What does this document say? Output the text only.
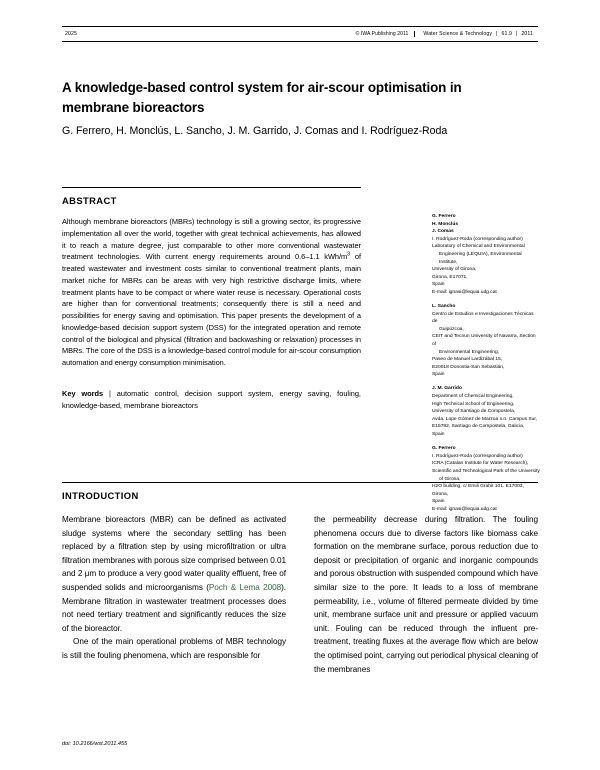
2025	© IWA Publishing 2011	Water Science & Technology | 61.9 | 2011
A knowledge-based control system for air-scour optimisation in membrane bioreactors
G. Ferrero, H. Monclús, L. Sancho, J. M. Garrido, J. Comas and I. Rodríguez-Roda
ABSTRACT
Although membrane bioreactors (MBRs) technology is still a growing sector, its progressive implementation all over the world, together with great technical achievements, has allowed it to reach a mature degree, just comparable to other more conventional wastewater treatment technologies. With current energy requirements around 0.6–1.1 kWh/$m^3$ of treated wastewater and investment costs similar to conventional treatment plants, main market niche for MBRs can be areas with very high restrictive discharge limits, where treatment plants have to be compact or where water reuse is necessary. Operational costs are higher than for conventional treatments; consequently there is still a need and possibilities for energy saving and optimisation. This paper presents the development of a knowledge-based decision support system (DSS) for the integrated operation and remote control of the biological and physical (filtration and backwashing or relaxation) processes in MBRs. The core of the DSS is a knowledge-based control module for air-scour consumption automation and energy consumption minimisation.
Key words | automatic control, decision support system, energy saving, fouling, knowledge-based, membrane bioreactors
G. Ferrero
H. Monclús
J. Comas
I. Rodríguez-Roda (corresponding author)
Laboratory of Chemical and Environmental
Engineering (LEQUIA), Environmental Institute,
University of Girona,
Girona, E17071,
Spain
E-mail: ignasi@lequia.udg.cat
L. Sancho
Centro de Estudios e Investigaciones Técnicas de
Guipúzcoa,
CEIT and Tecnun University of Navarra, Section of
Environmental Engineering,
Paseo de Manuel Lardizábal 15,
E20018 Donostia-San Sebastián,
Spain
J. M. Garrido
Department of Chemical Engineering,
High Technical School of Engineering,
University of Santiago de Compostela,
Avda. Lope Gómez de Marzoa s.n. Campus Sur,
E15782, Santiago de Compostela, Galicia,
Spain
G. Ferrero
I. Rodríguez-Roda (corresponding author)
ICRA (Catalan Institute for Water Research),
Scientific and Technological Park of the University
of Girona,
H2O building, c/ Emili Grahit 101. E17003, Girona,
Spain
E-mail: ignasi@lequia.udg.cat
INTRODUCTION

Membrane bioreactors (MBR) can be defined as activated sludge systems where the secondary settling has been replaced by a filtration step by using microfiltration or ultra filtration membranes with porous size comprised between 0.01 and 2 μm to produce a very good water quality effluent, free of suspended solids and microorganisms (Poch & Lema 2008). Membrane filtration in wastewater treatment processes does not need tertiary treatment and significantly reduces the size of the bioreactor.

One of the main operational problems of MBR technology is still the fouling phenomena, which are responsible for

the permeability decrease during filtration. The fouling phenomena occurs due to diverse factors like biomass cake formation on the membrane surface, porous reduction due to deposit or precipitation of organic and inorganic compounds and porous obstruction with suspended compound which have similar size to the pore. It leads to a loss of membrane permeability, i.e., volume of filtered permeate divided by time unit, membrane surface unit and pressure or applied vacuum unit. Fouling can be reduced through the influent pre-treatment, treating fluxes at the average flow which are below the optimised point, carrying out periodical physical cleaning of the membranes

doi: 10.2166/wst.2011.455
